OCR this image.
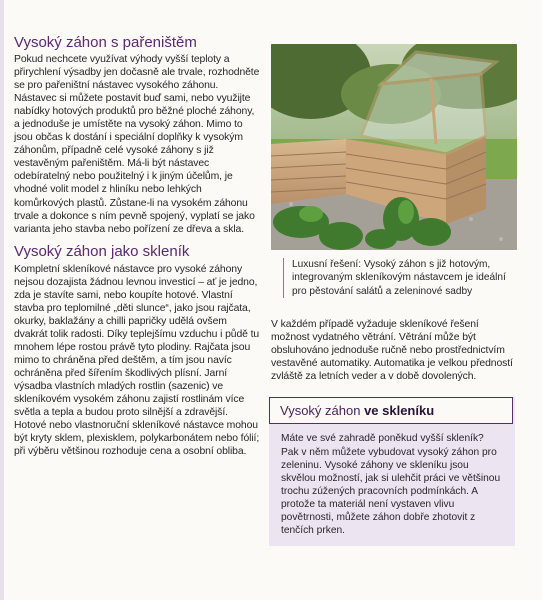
Vysoký záhon s pařeništěm

Pokud nechcete využívat výhody vyšší teploty a přirychlení výsadby jen dočasně ale trvale, rozhodněte se pro pařeništní nástavec vysokého záhonu. Nástavec si můžete postavit buď sami, nebo využijte nabídky hotových produktů pro běžné ploché záhony, a jednoduše je umístěte na vysoký záhon. Mimo to jsou občas k dostání i speciální doplňky k vysokým záhonům, případně celé vysoké záhony s již vestavěným pařeništěm. Má-li být nástavec odebíratelný nebo použitelný i k jiným účelům, je vhodné volit model z hliníku nebo lehkých komůrkových plastů. Zůstane-li na vysokém záhonu trvale a dokonce s ním pevně spojený, vyplatí se jako varianta jeho stavba nebo pořízení ze dřeva a skla.

Vysoký záhon jako skleník

Kompletní skleníkové nástavce pro vysoké záhony nejsou dozajista žádnou levnou investicí – ať je jedno, zda je stavíte sami, nebo koupíte hotové. Vlastní stavba pro teplomilné „děti slunce“, jako jsou rajčata, okurky, baklažány a chilli papričky udělá ovšem dvakrát tolik radosti. Díky teplejšímu vzduchu i půdě tu mnohem lépe rostou právě tyto plodiny. Rajčata jsou mimo to chráněna před deštěm, a tím jsou navíc ochráněna před šířením škodlivých plísní. Jarní výsadba vlastních mladých rostlin (sazenic) ve skleníkovém vysokém záhonu zajistí rostlinám více světla a tepla a budou proto silnější a zdravější. Hotové nebo vlastnoruční skleníkové nástavce mohou být kryty sklem, plexisklem, polykarbonátem nebo fólií; při výběru většinou rozhoduje cena a osobní obliba.

Luxusní řešení: Vysoký záhon s již hotovým, integrovaným skleníkovým nástavcem je ideální pro pěstování salátů a zeleninové sadby

V každém případě vyžaduje skleníkové řešení možnost vydatného větrání. Větrání může být obsluhováno jednoduše ručně nebo prostřednictvím vestavěné automatiky. Automatika je velkou předností zvláště za letních veder a v době dovolených.

Vysoký záhon ve skleníku
Máte ve své zahradě poněkud vyšší skleník? Pak v něm můžete vybudovat vysoký záhon pro zeleninu. Vysoké záhony ve skleníku jsou skvělou možností, jak si ulehčit práci ve většinou trochu zúžených pracovních podmínkách. A protože ta materiál není vystaven vlivu povětrnosti, můžete záhon dobře zhotovit z tenčích prken.
